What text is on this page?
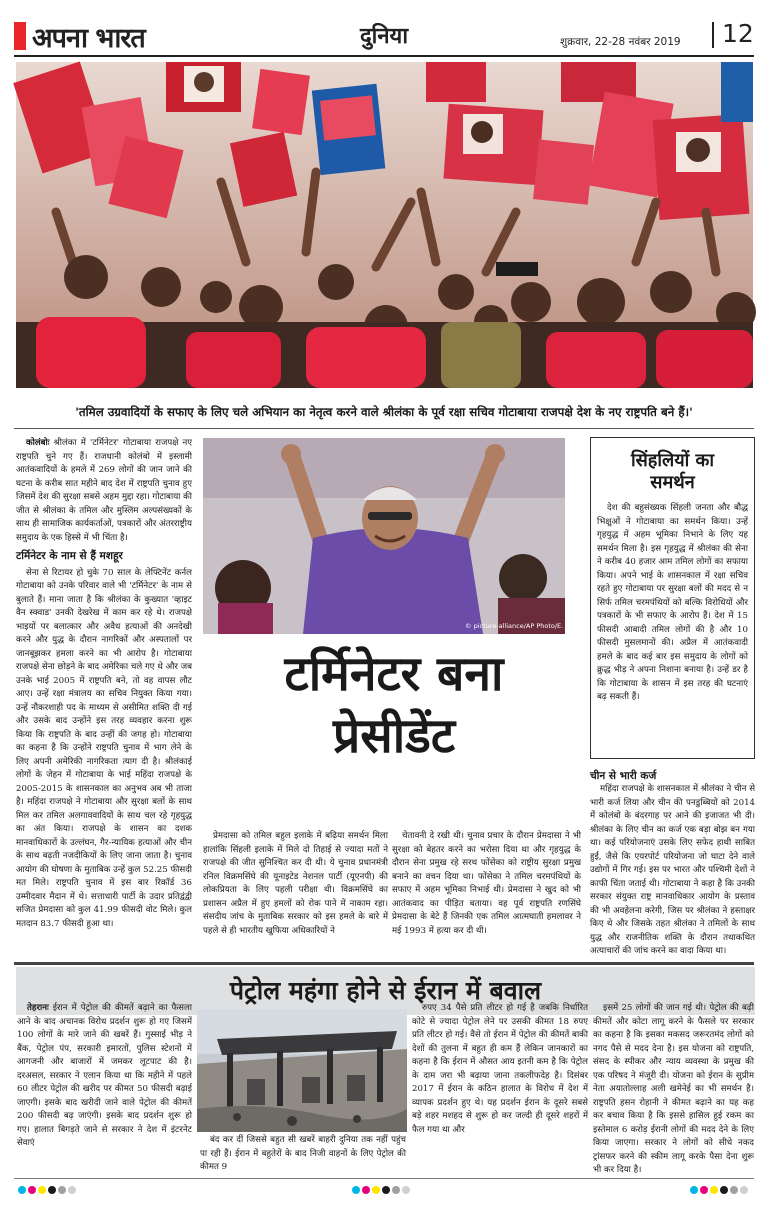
अपना भारत	दुनिया	शुक्रवार, 22-28 नवंबर 2019 12
'तमिल उग्रवादियों के सफाए के लिए चले अभियान का नेतृत्व करने वाले श्रीलंका के पूर्व रक्षा सचिव गोटाबाया राजपक्षे देश के नए राष्ट्रपति बने हैं।'

कोलंबोः श्रीलंका में 'टर्मिनेटर' गोटाबाया राजपक्षे नए राष्ट्रपति चुने गए हैं। राजधानी कोलंबो में इस्लामी आतंकवादियों के हमले में 269 लोगों की जान जाने की घटना के करीब सात महीने बाद देश में राष्ट्रपति चुनाव हुए जिसमें देश की सुरक्षा सबसे अहम मुद्दा रहा। गोटाबाया की जीत से श्रीलंका के तमिल और मुस्लिम अल्पसंख्यकों के साथ ही सामाजिक कार्यकर्ताओं, पत्रकारों और अंतरराष्ट्रीय समुदाय के एक हिस्से में भी चिंता है।

टर्मिनेटर के नाम से हैं मशहूर

सेना से रिटायर हो चुके 70 साल के लेफ्टिनेंट कर्नल गोटाबाया को उनके परिवार वाले भी 'टर्मिनेटर' के नाम से बुलाते हैं। माना जाता है कि श्रीलंका के कुख्यात 'व्हाइट वैन स्क्वाड' उनकी देखरेख में काम कर रहे थे। राजपक्षे भाइयों पर बलात्कार और अवैध हत्याओं की अनदेखी करने और युद्ध के दौरान नागरिकों और अस्पतालों पर जानबूझकर हमला करने का भी आरोप है। गोटाबाया राजपक्षे सेना छोड़ने के बाद अमेरिका चले गए थे और जब उनके भाई 2005 में राष्ट्रपति बने, तो वह वापस लौट आए। उन्हें रक्षा मंत्रालय का सचिव नियुक्त किया गया। उन्हें नौकरशाही पद के माध्यम से असीमित शक्ति दी गई और उसके बाद उन्होंने इस तरह व्यवहार करना शुरू किया कि राष्ट्रपति के बाद उन्हीं की जगह हो। गोटाबाया का कहना है कि उन्होंने राष्ट्रपति चुनाव में भाग लेने के लिए अपनी अमेरिकी नागरिकता त्याग दी है। श्रीलंकाई लोगों के जेहन में गोटाबाया के भाई महिंदा राजपक्षे के 2005-2015 के शासनकाल का अनुभव अब भी ताजा है। महिंदा राजपक्षे ने गोटाबाया और सुरक्षा बलों के साथ मिल कर तमिल अलगाववादियों के साथ चल रहे गृहयुद्ध का अंत किया। राजपक्षे के शासन का दशक मानवाधिकारों के उल्लंघन, गैर-न्यायिक हत्याओं और चीन के साथ बढ़ती नजदीकियों के लिए जाना जाता है। चुनाव आयोग की घोषणा के मुताबिक उन्हें कुल 52.25 फीसदी मत मिले। राष्ट्रपति चुनाव में इस बार रिकॉर्ड 36 उम्मीदवार मैदान में थे। सत्ताधारी पार्टी के उदार प्रतिद्वंद्वी सजित प्रेमदासा को कुल 41.99 फीसदी वोट मिले। कुल मतदान 83.7 फीसदी हुआ था।

© picture-alliance/AP Photo/E. Jayawardena
टर्मिनेटर बना
प्रेसीडेंट

प्रेमदासा को तमिल बहुल इलाके में बढ़िया समर्थन मिला हालांकि सिंहली इलाके में मिले दो तिहाई से ज्यादा मतों ने राजपक्षे की जीत सुनिश्चित कर दी थी। ये चुनाव प्रधानमंत्री रनिल विक्रमसिंघे की यूनाइटेड नेशनल पार्टी (यूएनपी) की लोकप्रियता के लिए पहली परीक्षा थी। विक्रमसिंघे का प्रशासन अप्रैल में हुए हमलों को रोक पाने में नाकाम रहा। संसदीय जांच के मुताबिक सरकार को इस हमले के बारे में पहले से ही भारतीय खुफिया अधिकारियों ने

चेतावनी दे रखी थी। चुनाव प्रचार के दौरान प्रेमदासा ने भी सुरक्षा को बेहतर करने का भरोसा दिया था और गृहयुद्ध के दौरान सेना प्रमुख रहे सरथ फोंसेका को राष्ट्रीय सुरक्षा प्रमुख बनाने का वचन दिया था। फोंसेका ने तमिल चरमपंथियों के सफाए में अहम भूमिका निभाई थी। प्रेमदासा ने खुद को भी आतंकवाद का पीड़ित बताया। वह पूर्व राष्ट्रपति रणसिंघे प्रेमदासा के बेटे हैं जिनकी एक तमिल आत्मघाती हमलावर ने मई 1993 में हत्या कर दी थी।

सिंहलियों का
समर्थन

देश की बहुसंख्यक सिंहली जनता और बौद्ध भिक्षुओं ने गोटाबाया का समर्थन किया। उन्हें गृहयुद्ध में अहम भूमिका निभाने के लिए यह समर्थन मिला है। इस गृहयुद्ध में श्रीलंका की सेना ने करीब 40 हजार आम तमिल लोगों का सफाया किया। अपने भाई के शासनकाल में रक्षा सचिव रहते हुए गोटाबाया पर सुरक्षा बलों की मदद से न सिर्फ तमिल चरमपंथियों को बल्कि विरोधियों और पत्रकारों के भी सफाए के आरोप हैं। देश में 15 फीसदी आबादी तमिल लोगों की है और 10 फीसदी मुसलमानों की। अप्रैल में आतंकवादी हमले के बाद कई बार इस समुदाय के लोगों को क्रुद्ध भीड़ ने अपना निशाना बनाया है। उन्हें डर है कि गोटाबाया के शासन में इस तरह की घटनाएं बढ़ सकती हैं।

चीन से भारी कर्ज

महिंदा राजपक्षे के शासनकाल में श्रीलंका ने चीन से भारी कर्ज लिया और चीन की पनडुब्बियों को 2014 में कोलंबो के बंदरगाह पर आने की इजाजत भी दी। श्रीलंका के लिए चीन का कर्ज एक बड़ा बोझ बन गया था। कई परियोजनाएं उसके लिए सफेद हाथी साबित हुईं, जैसे कि एयरपोर्ट परियोजना जो घाटा देने वाले उद्योगों में गिर गई। इस पर भारत और पश्चिमी देशों ने काफी चिंता जताई थी। गोटाबाया ने कहा है कि उनकी सरकार संयुक्त राष्ट्र मानवाधिकार आयोग के प्रस्ताव की भी अवहेलना करेगी, जिस पर श्रीलंका ने हस्ताक्षर किए थे और जिसके तहत श्रीलंका ने तमिलों के साथ युद्ध और राजनीतिक शक्ति के दौरान तथाकथित अत्याचारों की जांच करने का वादा किया था।

पेट्रोल महंगा होने से ईरान में बवाल

तेहरानः ईरान में पेट्रोल की कीमतें बढ़ाने का फैसला आने के बाद अचानक विरोध प्रदर्शन शुरू हो गए जिसमें 100 लोगों के मारे जाने की खबरें हैं। गुस्साई भीड़ ने बैंक, पेट्रोल पंप, सरकारी इमारतों, पुलिस स्टेशनों में आगजनी और बाजारों में जमकर लूटपाट की है। दरअसल, सरकार ने एलान किया था कि महीने में पहले 60 लीटर पेट्रोल की खरीद पर कीमत 50 फीसदी बढ़ाई जाएगी। इसके बाद खरीदी जाने वाले पेट्रोल की कीमतें 200 फीसदी बढ़ जाएंगी। इसके बाद प्रदर्शन शुरू हो गए। हालात बिगड़ते जाने से सरकार ने देश में इंटरनेट सेवाएं	बंद कर दीं जिससे बहुत सी खबरें बाहरी दुनिया तक नहीं पहुंच पा रही हैं। ईरान में बहुतेरों के बाद निजी वाहनों के लिए पेट्रोल की कीमत 9

रुपए 34 पैसे प्रति लीटर हो गई है जबकि निर्धारित कोटे से ज्यादा पेट्रोल लेने पर उसकी कीमत 18 रुपए प्रति लीटर हो गई। वैसे तो ईरान में पेट्रोल की कीमतें बाकी देशों की तुलना में बहुत ही कम हैं लेकिन जानकारों का कहना है कि ईरान में औसत आय इतनी कम है कि पेट्रोल के दाम जरा भी बढ़ाया जाना तकलीफदेह है। दिसंबर 2017 में ईरान के कठिन हालात के विरोध में देश में व्यापक प्रदर्शन हुए थे। यह प्रदर्शन ईरान के दूसरे सबसे बड़े शहर मशहद से शुरू हो कर जल्दी ही दूसरे शहरों में फैल गया था और

इसमें 25 लोगों की जान गई थी। पेट्रोल की बढ़ी कीमतें और कोटा लागू करने के फैसले पर सरकार का कहना है कि इसका मकसद जरूरतमंद लोगों को नगद पैसे से मदद देना है। इस योजना को राष्ट्रपति, संसद के स्पीकर और न्याय व्यवस्था के प्रमुख की एक परिषद ने मंजूरी दी। योजना को ईरान के सुप्रीम नेता अयातोल्लाह अली खमेनेई का भी समर्थन है। राष्ट्रपति हसन रोहानी ने कीमत बढ़ाने का यह कह कर बचाव किया है कि इससे हासिल हुई रकम का इस्तेमाल 6 करोड़ ईरानी लोगों की मदद देने के लिए किया जाएगा। सरकार ने लोगों को सीधे नकद ट्रांसफर करने की स्कीम लागू करके पैसा देना शुरू भी कर दिया है।
